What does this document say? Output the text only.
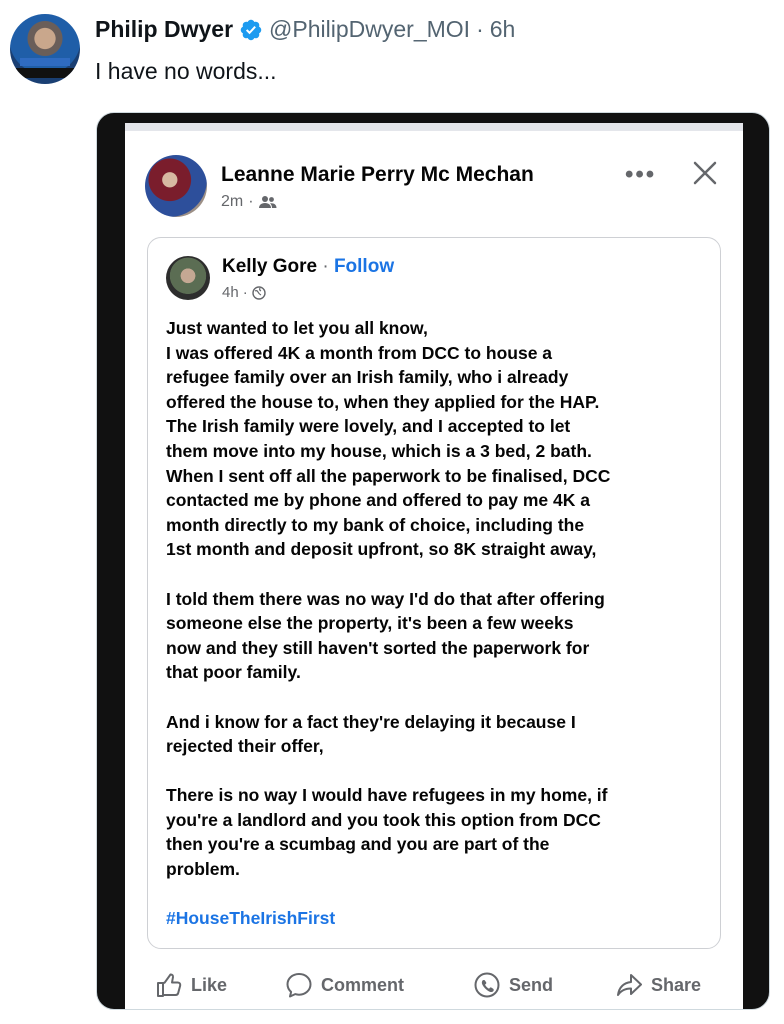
Philip Dwyer @PhilipDwyer_MOI · 6h
I have no words...
Leanne Marie Perry Mc Mechan
2m ·
•••
Kelly Gore · Follow
4h ·

Just wanted to let you all know,
I was offered 4K a month from DCC to house a
refugee family over an Irish family, who i already
offered the house to, when they applied for the HAP.
The Irish family were lovely, and I accepted to let
them move into my house, which is a 3 bed, 2 bath.
When I sent off all the paperwork to be finalised, DCC
contacted me by phone and offered to pay me 4K a
month directly to my bank of choice, including the
1st month and deposit upfront, so 8K straight away,

I told them there was no way I'd do that after offering
someone else the property, it's been a few weeks
now and they still haven't sorted the paperwork for
that poor family.

And i know for a fact they're delaying it because I
rejected their offer,

There is no way I would have refugees in my home, if
you're a landlord and you took this option from DCC
then you're a scumbag and you are part of the
problem.

#HouseTheIrishFirst

Like	Comment	Send	Share
